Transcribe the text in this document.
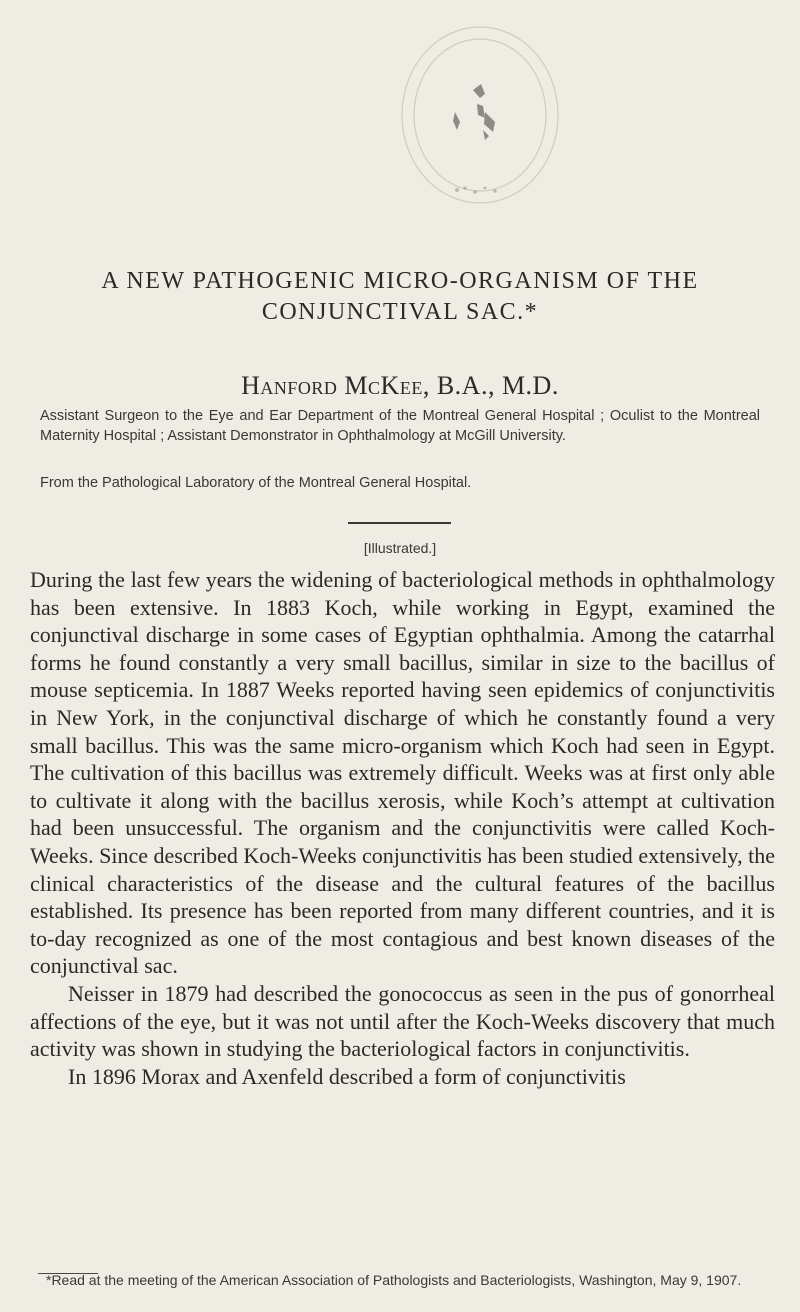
A NEW PATHOGENIC MICRO-ORGANISM OF THE
CONJUNCTIVAL SAC.*
Hanford McKee, B.A., M.D.
Assistant Surgeon to the Eye and Ear Department of the Montreal General Hospital ; Oculist to the Montreal Maternity Hospital ; Assistant Demonstrator in Ophthalmology at McGill University.
From the Pathological Laboratory of the Montreal General Hospital.
[Illustrated.]

During the last few years the widening of bacteriological methods in ophthalmology has been extensive. In 1883 Koch, while working in Egypt, examined the conjunctival discharge in some cases of Egyptian ophthalmia. Among the catarrhal forms he found constantly a very small bacillus, similar in size to the bacillus of mouse septicemia. In 1887 Weeks reported having seen epidemics of conjunctivitis in New York, in the conjunctival discharge of which he constantly found a very small bacillus. This was the same micro-organism which Koch had seen in Egypt. The cultivation of this bacillus was extremely difficult. Weeks was at first only able to cultivate it along with the bacillus xerosis, while Koch’s attempt at cultivation had been unsuccessful. The organism and the conjunctivitis were called Koch-Weeks. Since described Koch-Weeks conjunctivitis has been studied extensively, the clinical characteristics of the disease and the cultural features of the bacillus established. Its presence has been reported from many different countries, and it is to-day recognized as one of the most contagious and best known diseases of the conjunctival sac.

Neisser in 1879 had described the gonococcus as seen in the pus of gonorrheal affections of the eye, but it was not until after the Koch-Weeks discovery that much activity was shown in studying the bacteriological factors in conjunctivitis.

In 1896 Morax and Axenfeld described a form of conjunctivitis

*Read at the meeting of the American Association of Pathologists and Bacteriologists, Washington, May 9, 1907.
